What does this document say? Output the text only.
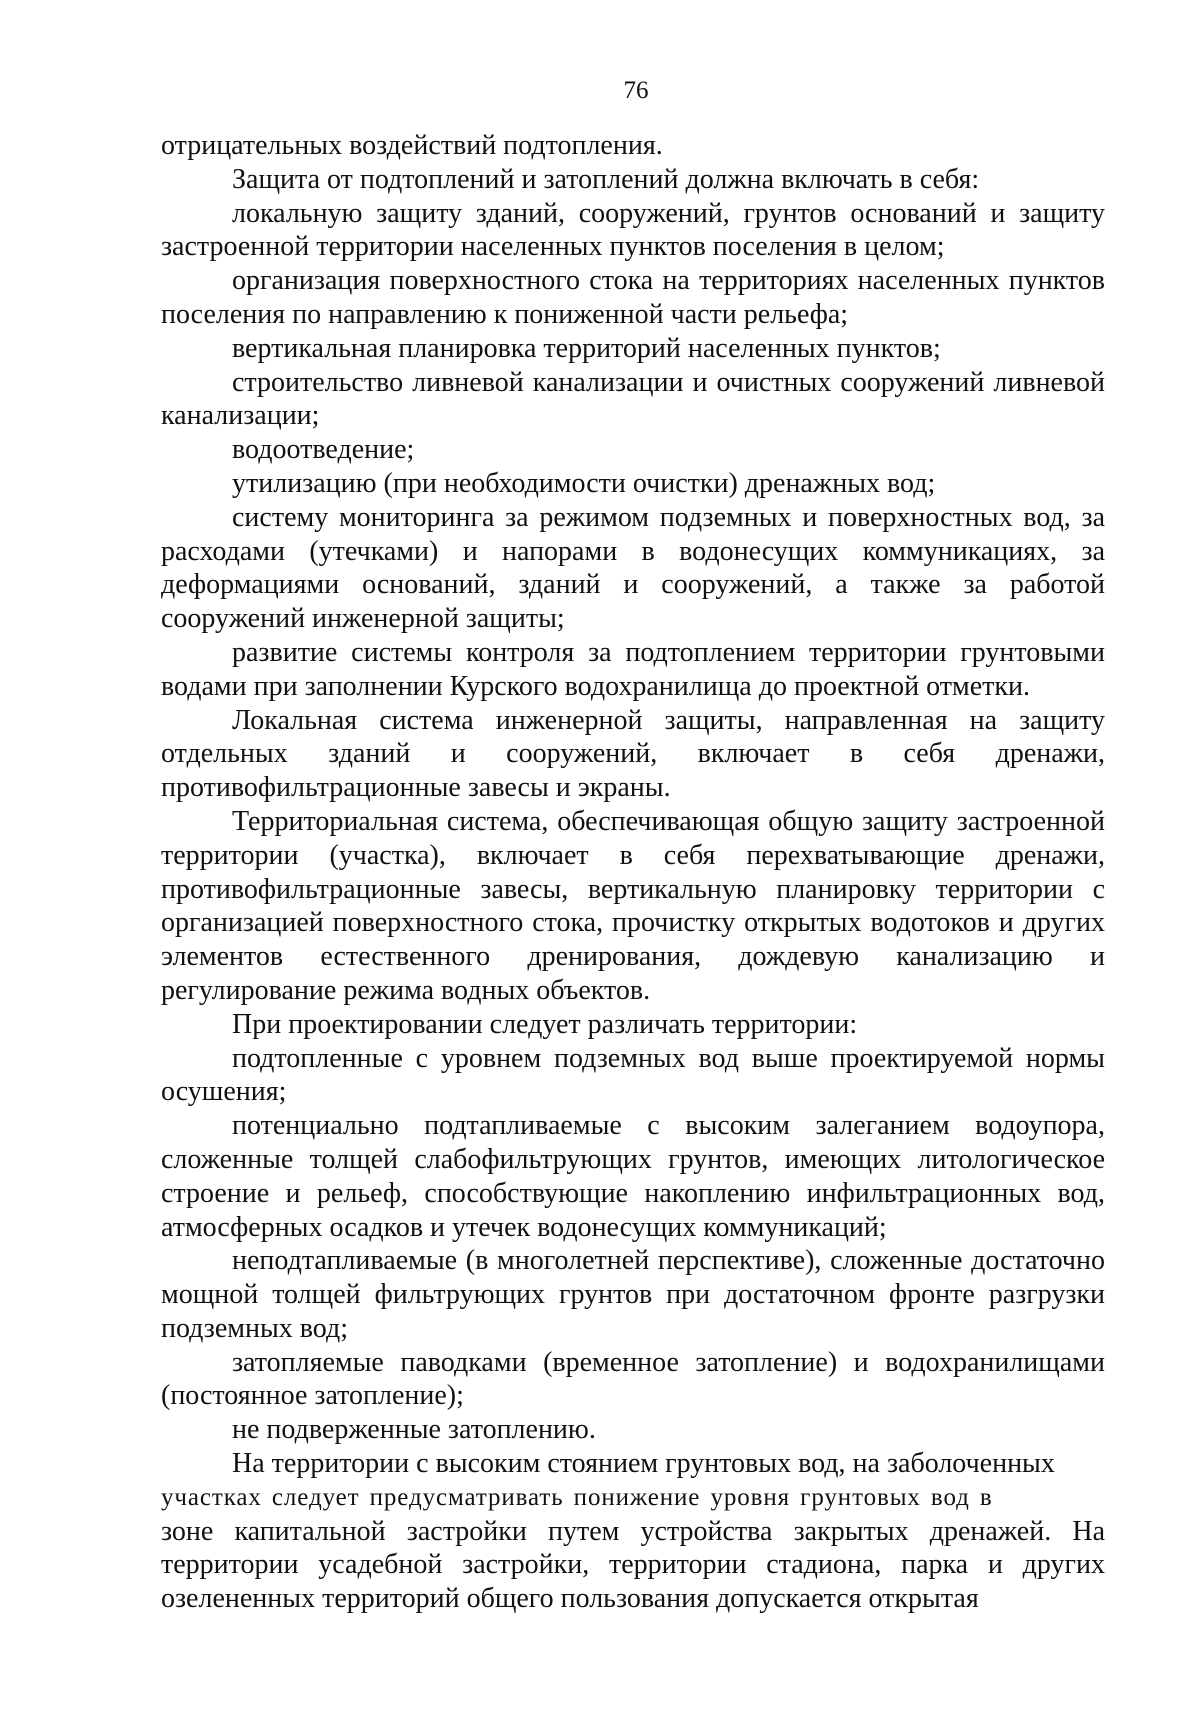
76

отрицательных воздействий подтопления.

Защита от подтоплений и затоплений должна включать в себя:

локальную защиту зданий, сооружений, грунтов оснований и защиту застроенной территории населенных пунктов поселения в целом;

организация поверхностного стока на территориях населенных пунктов поселения по направлению к пониженной части рельефа;

вертикальная планировка территорий населенных пунктов;

строительство ливневой канализации и очистных сооружений ливневой канализации;

водоотведение;

утилизацию (при необходимости очистки) дренажных вод;

систему мониторинга за режимом подземных и поверхностных вод, за расходами (утечками) и напорами в водонесущих коммуникациях, за деформациями оснований, зданий и сооружений, а также за работой сооружений инженерной защиты;

развитие системы контроля за подтоплением территории грунтовыми водами при заполнении Курского водохранилища до проектной отметки.

Локальная система инженерной защиты, направленная на защиту отдельных зданий и сооружений, включает в себя дренажи, противофильтрационные завесы и экраны.

Территориальная система, обеспечивающая общую защиту застроенной территории (участка), включает в себя перехватывающие дренажи, противофильтрационные завесы, вертикальную планировку территории с организацией поверхностного стока, прочистку открытых водотоков и других элементов естественного дренирования, дождевую канализацию и регулирование режима водных объектов.

При проектировании следует различать территории:

подтопленные с уровнем подземных вод выше проектируемой нормы осушения;

потенциально подтапливаемые с высоким залеганием водоупора, сложенные толщей слабофильтрующих грунтов, имеющих литологическое строение и рельеф, способствующие накоплению инфильтрационных вод, атмосферных осадков и утечек водонесущих коммуникаций;

неподтапливаемые (в многолетней перспективе), сложенные достаточно мощной толщей фильтрующих грунтов при достаточном фронте разгрузки подземных вод;

затопляемые паводками (временное затопление) и водохранилищами (постоянное затопление);

не подверженные затоплению.

На территории с высоким стоянием грунтовых вод, на заболоченных

участках следует предусматривать понижение уровня грунтовых вод в

зоне капитальной застройки путем устройства закрытых дренажей. На территории усадебной застройки, территории стадиона, парка и других озелененных территорий общего пользования допускается открытая
